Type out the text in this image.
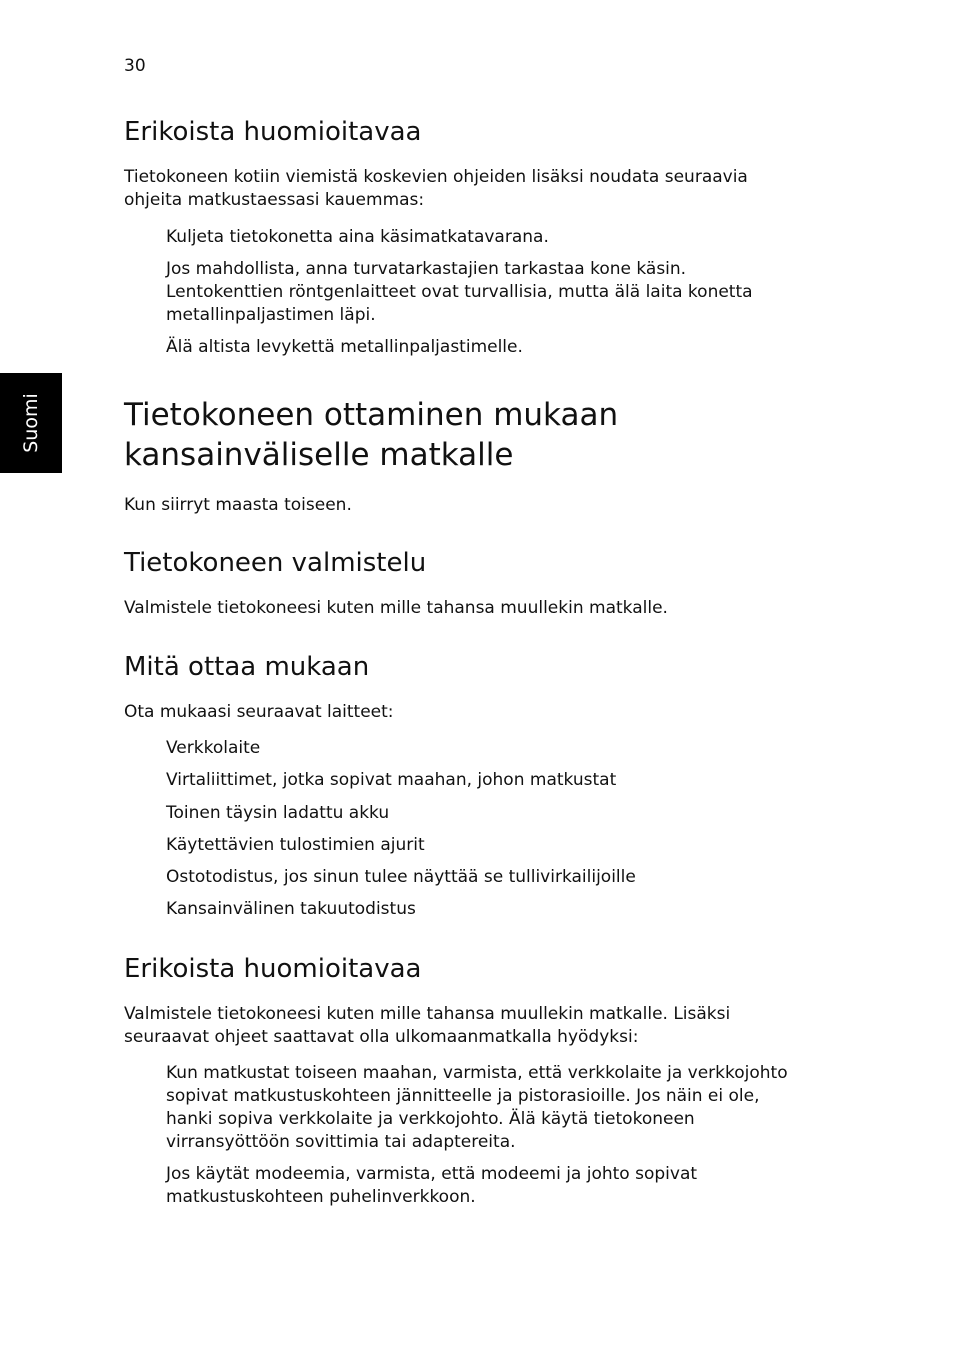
30
Suomi
Erikoista huomioitavaa

Tietokoneen kotiin viemistä koskevien ohjeiden lisäksi noudata seuraavia ohjeita matkustaessasi kauemmas:

Kuljeta tietokonetta aina käsimatkatavarana.

Jos mahdollista, anna turvatarkastajien tarkastaa kone käsin. Lentokenttien röntgenlaitteet ovat turvallisia, mutta älä laita konetta metallinpaljastimen läpi.

Älä altista levykettä metallinpaljastimelle.

Tietokoneen ottaminen mukaan kansainväliselle matkalle

Kun siirryt maasta toiseen.

Tietokoneen valmistelu

Valmistele tietokoneesi kuten mille tahansa muullekin matkalle.

Mitä ottaa mukaan

Ota mukaasi seuraavat laitteet:

Verkkolaite

Virtaliittimet, jotka sopivat maahan, johon matkustat

Toinen täysin ladattu akku

Käytettävien tulostimien ajurit

Ostotodistus, jos sinun tulee näyttää se tullivirkailijoille

Kansainvälinen takuutodistus

Erikoista huomioitavaa

Valmistele tietokoneesi kuten mille tahansa muullekin matkalle. Lisäksi seuraavat ohjeet saattavat olla ulkomaanmatkalla hyödyksi:

Kun matkustat toiseen maahan, varmista, että verkkolaite ja verkkojohto sopivat matkustuskohteen jännitteelle ja pistorasioille. Jos näin ei ole, hanki sopiva verkkolaite ja verkkojohto. Älä käytä tietokoneen virransyöttöön sovittimia tai adaptereita.

Jos käytät modeemia, varmista, että modeemi ja johto sopivat matkustuskohteen puhelinverkkoon.
